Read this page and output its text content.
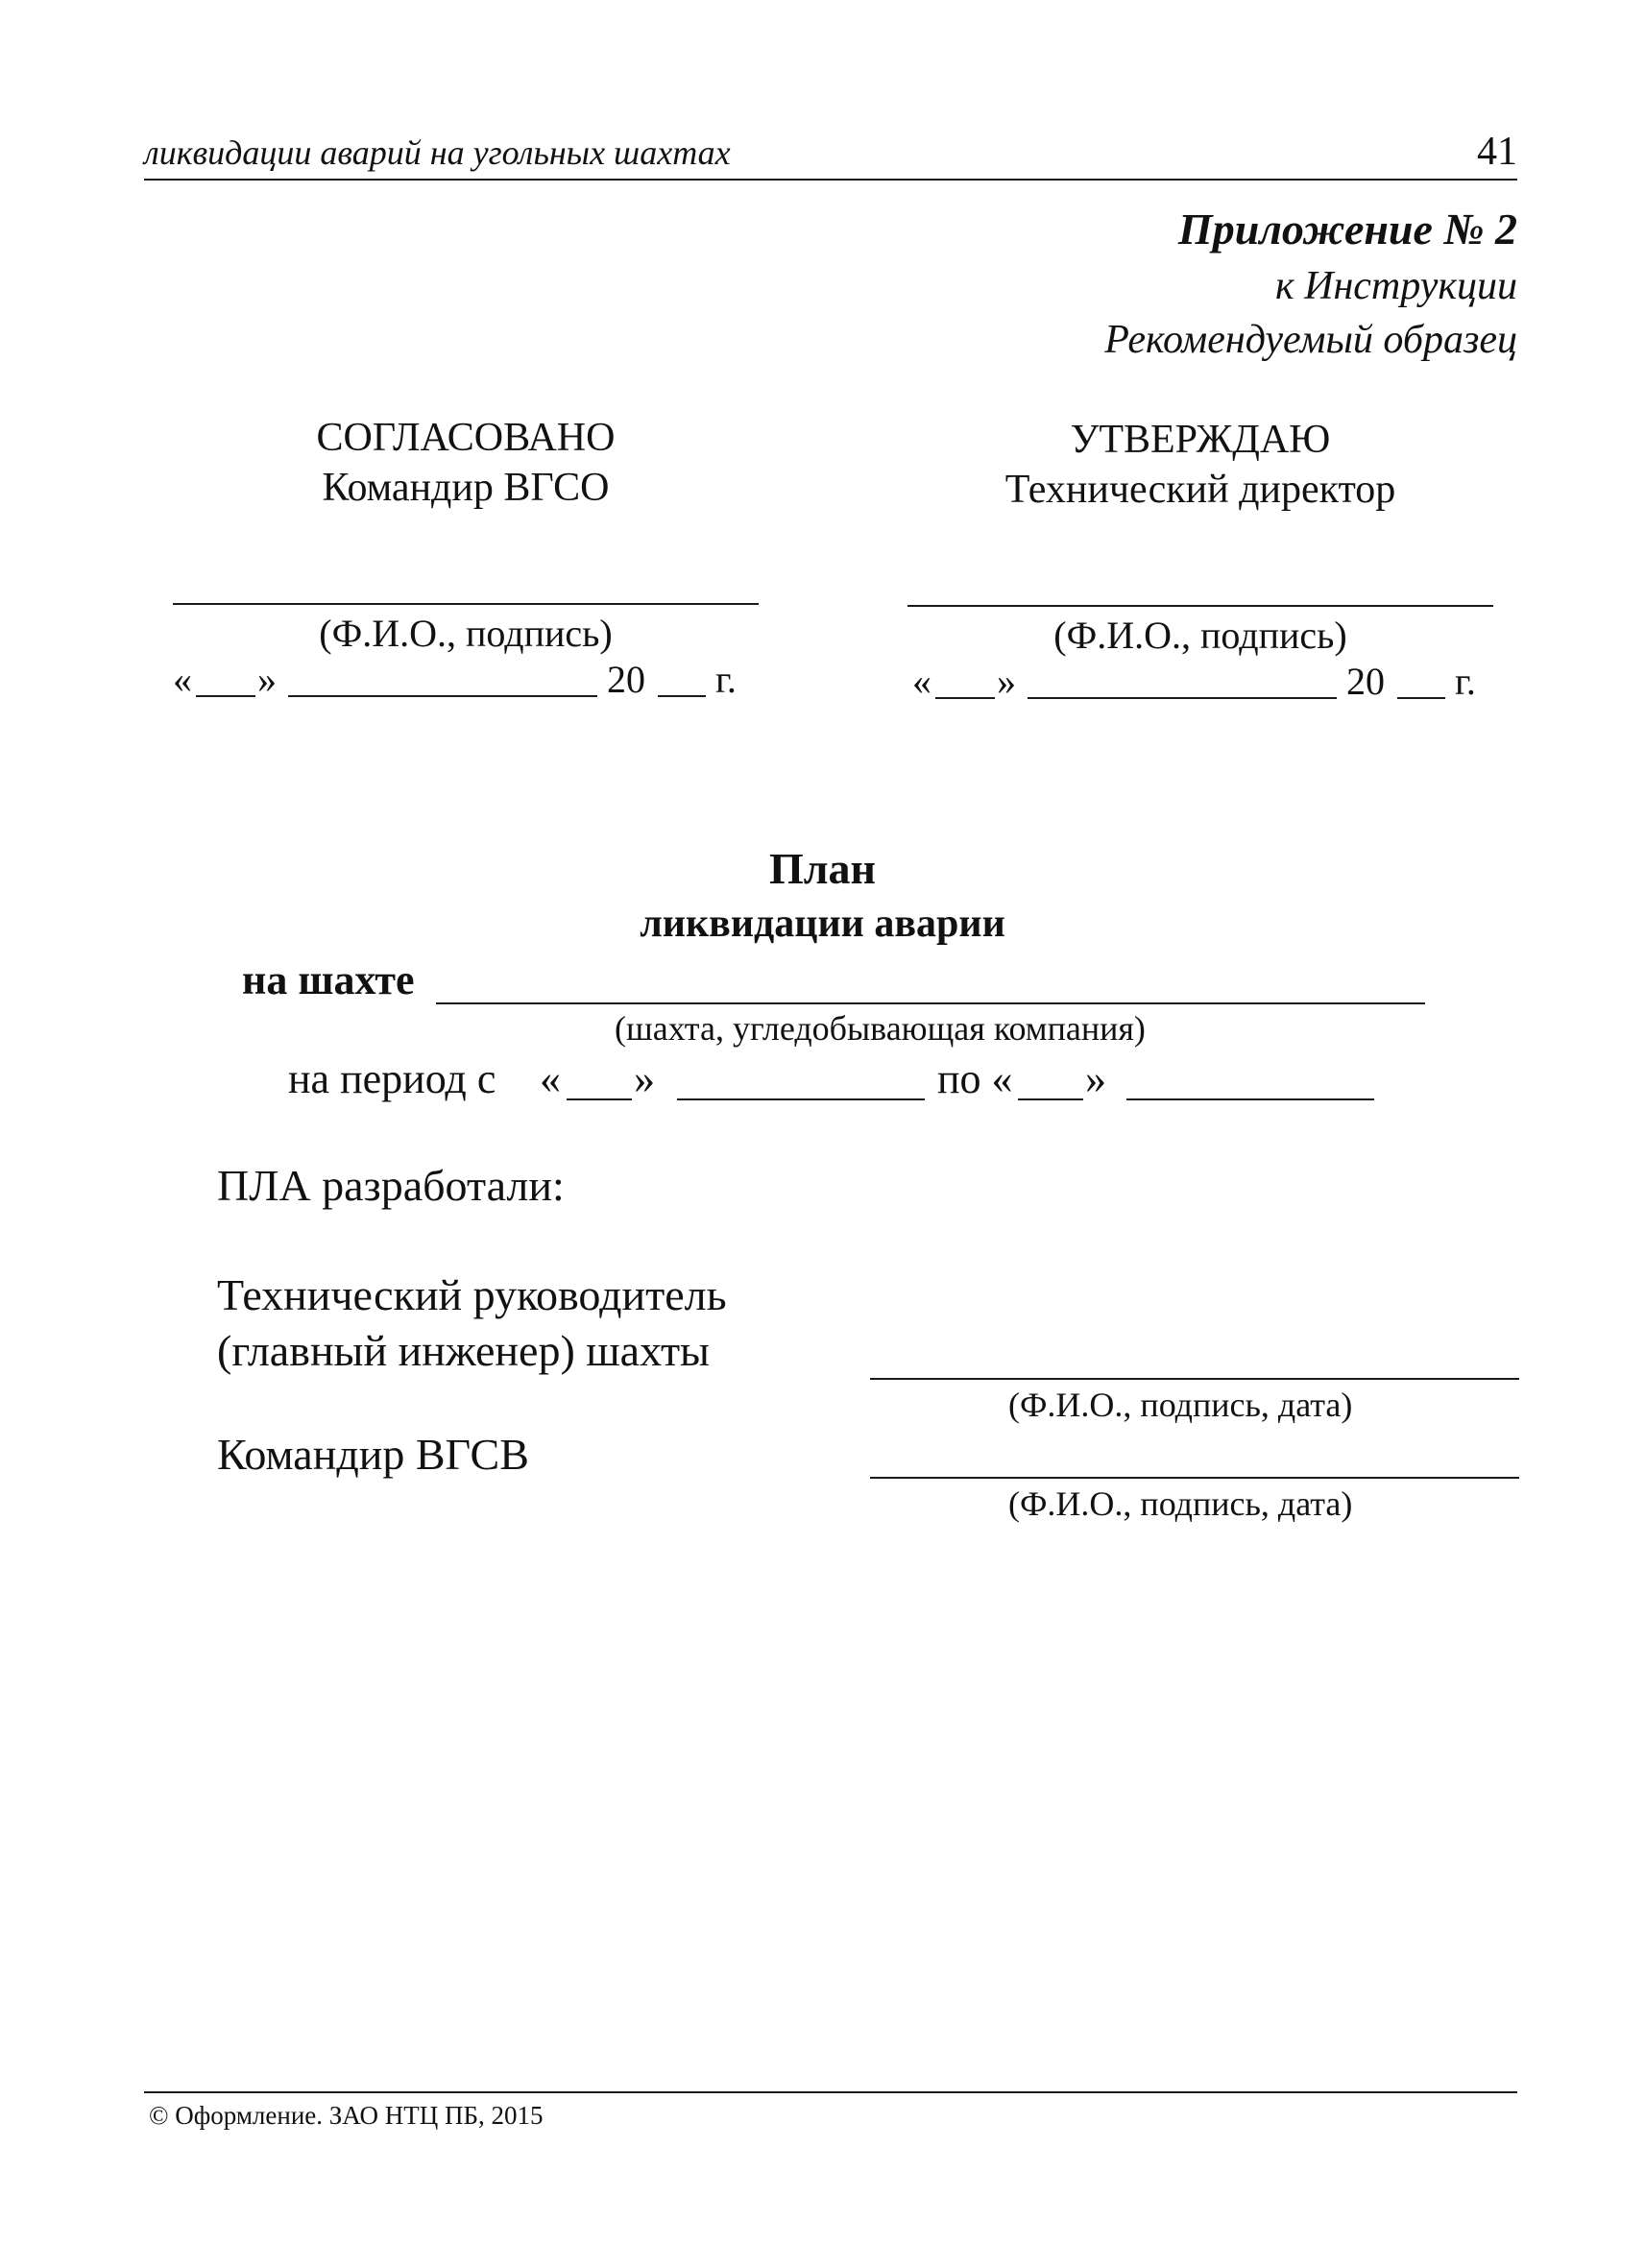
ликвидации аварий на угольных шахтах	41
Приложение № 2
к Инструкции
Рекомендуемый образец
СОГЛАСОВАНО
Командир ВГСО
(Ф.И.О., подпись)
« »	20 г.
УТВЕРЖДАЮ
Технический директор
(Ф.И.О., подпись)
« »	20 г.
План
ликвидации аварии
на шахте
(шахта, угледобывающая компания)
на период с « »	по « »
ПЛА разработали:
Технический руководитель
(главный инженер) шахты
(Ф.И.О., подпись, дата)
Командир ВГСВ
(Ф.И.О., подпись, дата)
© Оформление. ЗАО НТЦ ПБ, 2015
